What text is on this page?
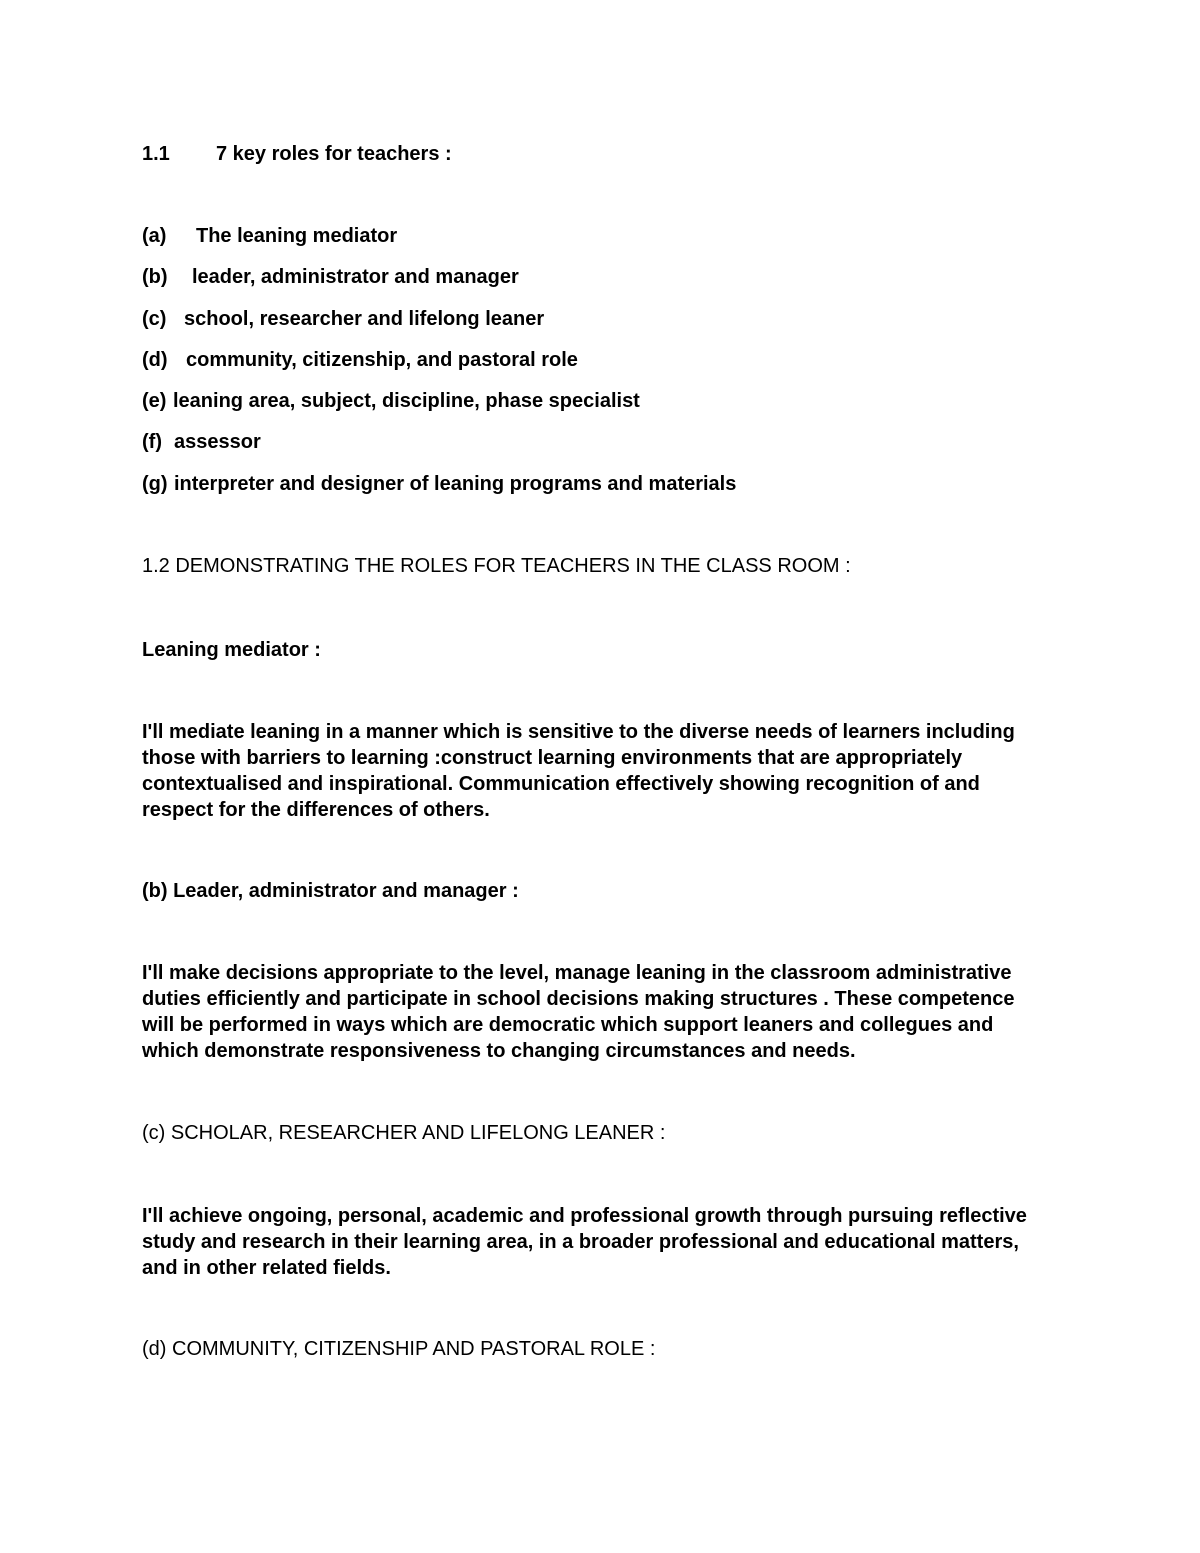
1.1 7 key roles for teachers :
(a) The leaning mediator
(b) leader, administrator and manager
(c) school, researcher and lifelong leaner
(d) community, citizenship, and pastoral role
(e) leaning area, subject, discipline, phase specialist
(f) assessor
(g) interpreter and designer of leaning programs and materials
1.2 DEMONSTRATING THE ROLES FOR TEACHERS IN THE CLASS ROOM :
Leaning mediator :
I'll mediate leaning in a manner which is sensitive to the diverse needs of learners including
those with barriers to learning :construct learning environments that are appropriately
contextualised and inspirational. Communication effectively showing recognition of and
respect for the differences of others.
(b) Leader, administrator and manager :
I'll make decisions appropriate to the level, manage leaning in the classroom administrative
duties efficiently and participate in school decisions making structures . These competence
will be performed in ways which are democratic which support leaners and collegues and
which demonstrate responsiveness to changing circumstances and needs.
(c) SCHOLAR, RESEARCHER AND LIFELONG LEANER :
I'll achieve ongoing, personal, academic and professional growth through pursuing reflective
study and research in their learning area, in a broader professional and educational matters,
and in other related fields.
(d) COMMUNITY, CITIZENSHIP AND PASTORAL ROLE :
